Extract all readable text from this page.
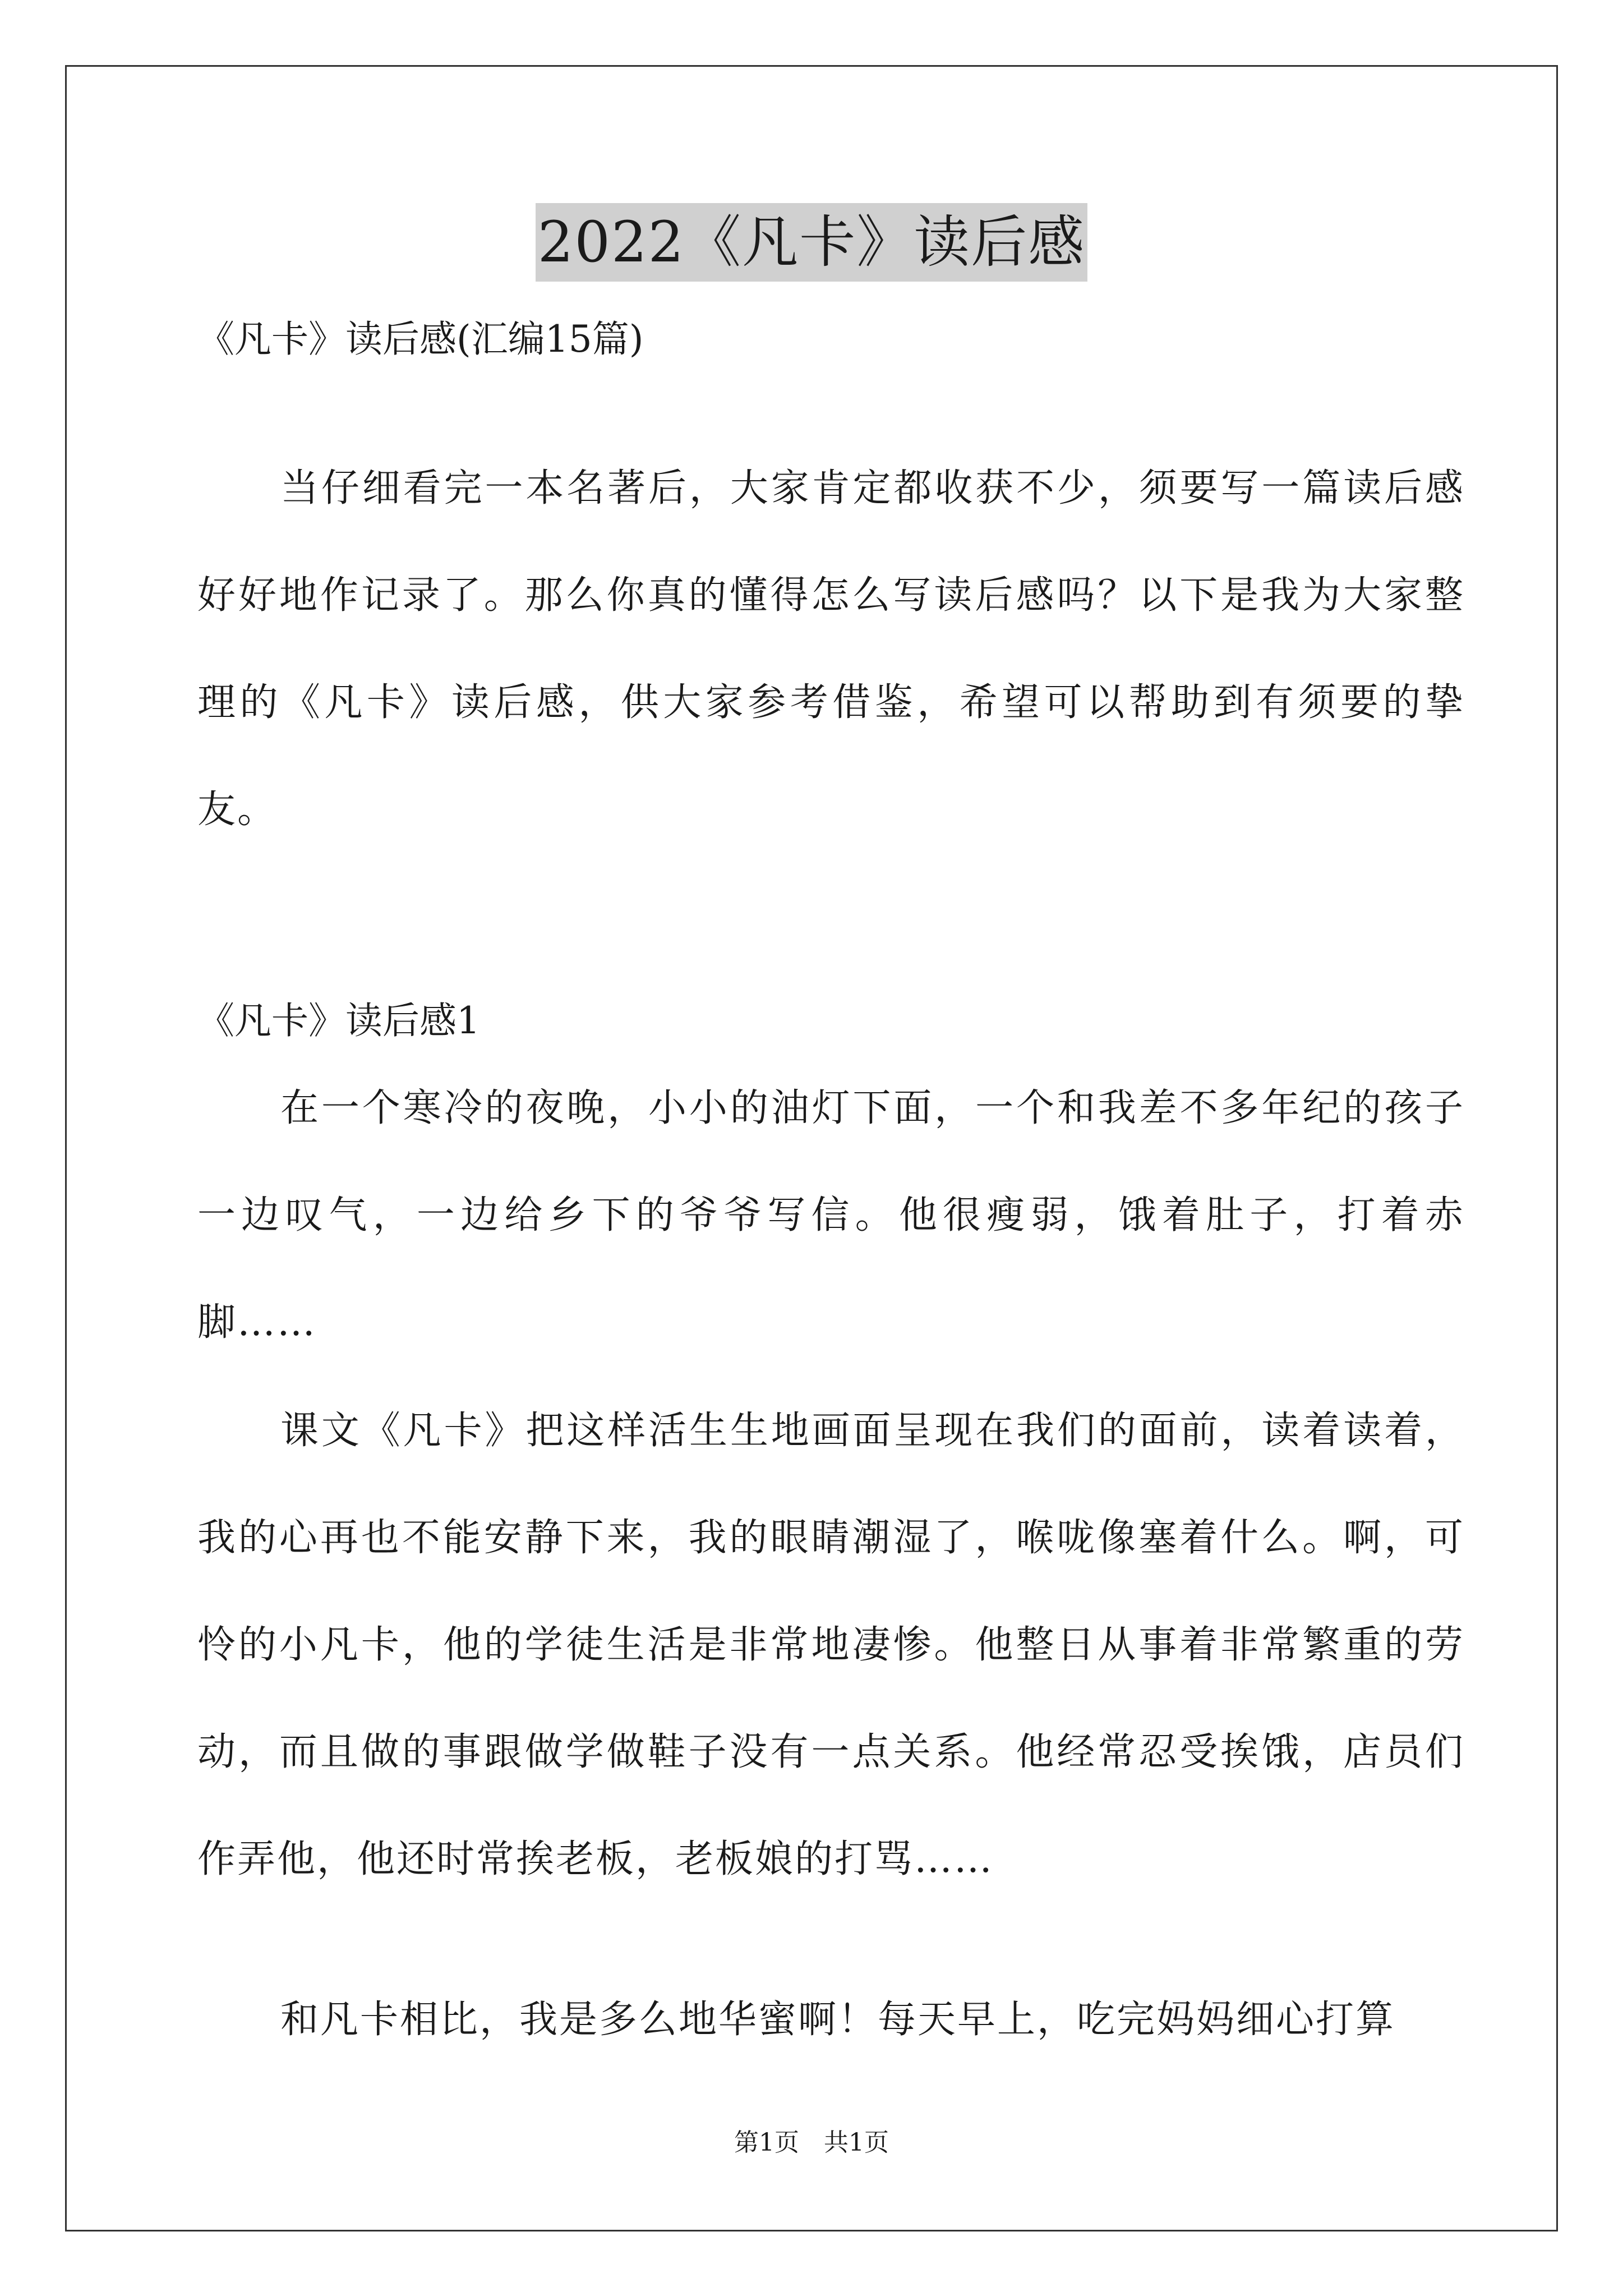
2022《凡卡》读后感
《凡卡》读后感(汇编15篇)
当仔细看完一本名著后，大家肯定都收获不少，须要写一篇读后感好好地作记录了。那么你真的懂得怎么写读后感吗？以下是我为大家整理的《凡卡》读后感，供大家参考借鉴，希望可以帮助到有须要的挚友。
《凡卡》读后感1
在一个寒冷的夜晚，小小的油灯下面，一个和我差不多年纪的孩子一边叹气，一边给乡下的爷爷写信。他很瘦弱，饿着肚子，打着赤脚……
课文《凡卡》把这样活生生地画面呈现在我们的面前，读着读着，我的心再也不能安静下来，我的眼睛潮湿了，喉咙像塞着什么。啊，可怜的小凡卡，他的学徒生活是非常地凄惨。他整日从事着非常繁重的劳动，而且做的事跟做学做鞋子没有一点关系。他经常忍受挨饿，店员们作弄他，他还时常挨老板，老板娘的打骂……
和凡卡相比，我是多么地华蜜啊！每天早上，吃完妈妈细心打算
第1页　共1页
